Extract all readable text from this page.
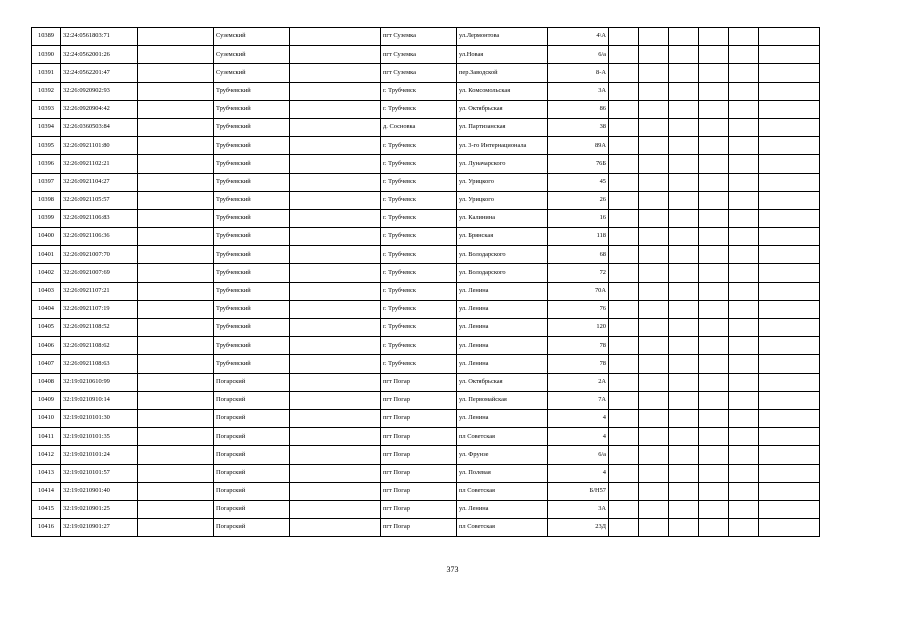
10389	32:24:0561803:71		Суземский		пгт Суземка	ул.Лермонтова	4\А						
10390	32:24:0562001:26		Суземский		пгт Суземка	ул.Новая	6/а						
10391	32:24:0562201:47		Суземский		пгт Суземка	пер.Заводской	8-А						
10392	32:26:0920902:93		Трубчевский		г. Трубчевск	ул. Комсомольская	3А						
10393	32:26:0920904:42		Трубчевский		г. Трубчевск	ул. Октябрьская	86						
10394	32:26:0360503:84		Трубчевский		д. Сосновка	ул. Партизанская	38						
10395	32:26:0921101:80		Трубчевский		г. Трубчевск	ул. 3-го Интернационала	89А						
10396	32:26:0921102:21		Трубчевский		г. Трубчевск	ул. Луначарского	76Б						
10397	32:26:0921104:27		Трубчевский		г. Трубчевск	ул. Урицкого	45						
10398	32:26:0921105:57		Трубчевский		г. Трубчевск	ул. Урицкого	26						
10399	32:26:0921106:83		Трубчевский		г. Трубчевск	ул. Калинина	16						
10400	32:26:0921106:36		Трубчевский		г. Трубчевск	ул. Брянская	118						
10401	32:26:0921007:70		Трубчевский		г. Трубчевск	ул. Володарского	68						
10402	32:26:0921007:69		Трубчевский		г. Трубчевск	ул. Володарского	72						
10403	32:26:0921107:21		Трубчевский		г. Трубчевск	ул. Ленина	70А						
10404	32:26:0921107:19		Трубчевский		г. Трубчевск	ул. Ленина	76						
10405	32:26:0921108:52		Трубчевский		г. Трубчевск	ул. Ленина	120						
10406	32:26:0921108:62		Трубчевский		г. Трубчевск	ул. Ленина	78						
10407	32:26:0921108:63		Трубчевский		г. Трубчевск	ул. Ленина	78						
10408	32:19:0210610:99		Погарский		пгт Погар	ул. Октябрьская	2А						
10409	32:19:0210910:14		Погарский		пгт Погар	ул. Первомайская	7А						
10410	32:19:0210101:30		Погарский		пгт Погар	ул. Ленина	4						
10411	32:19:0210101:35		Погарский		пгт Погар	пл Советская	4						
10412	32:19:0210101:24		Погарский		пгт Погар	ул. Фрунзе	6/а						
10413	32:19:0210101:57		Погарский		пгт Погар	ул. Полевая	4						
10414	32:19:0210901:40		Погарский		пгт Погар	пл Советская	Б/Н57						
10415	32:19:0210901:25		Погарский		пгт Погар	ул. Ленина	3А						
10416	32:19:0210901:27		Погарский		пгт Погар	пл Советская	23Д						
373
